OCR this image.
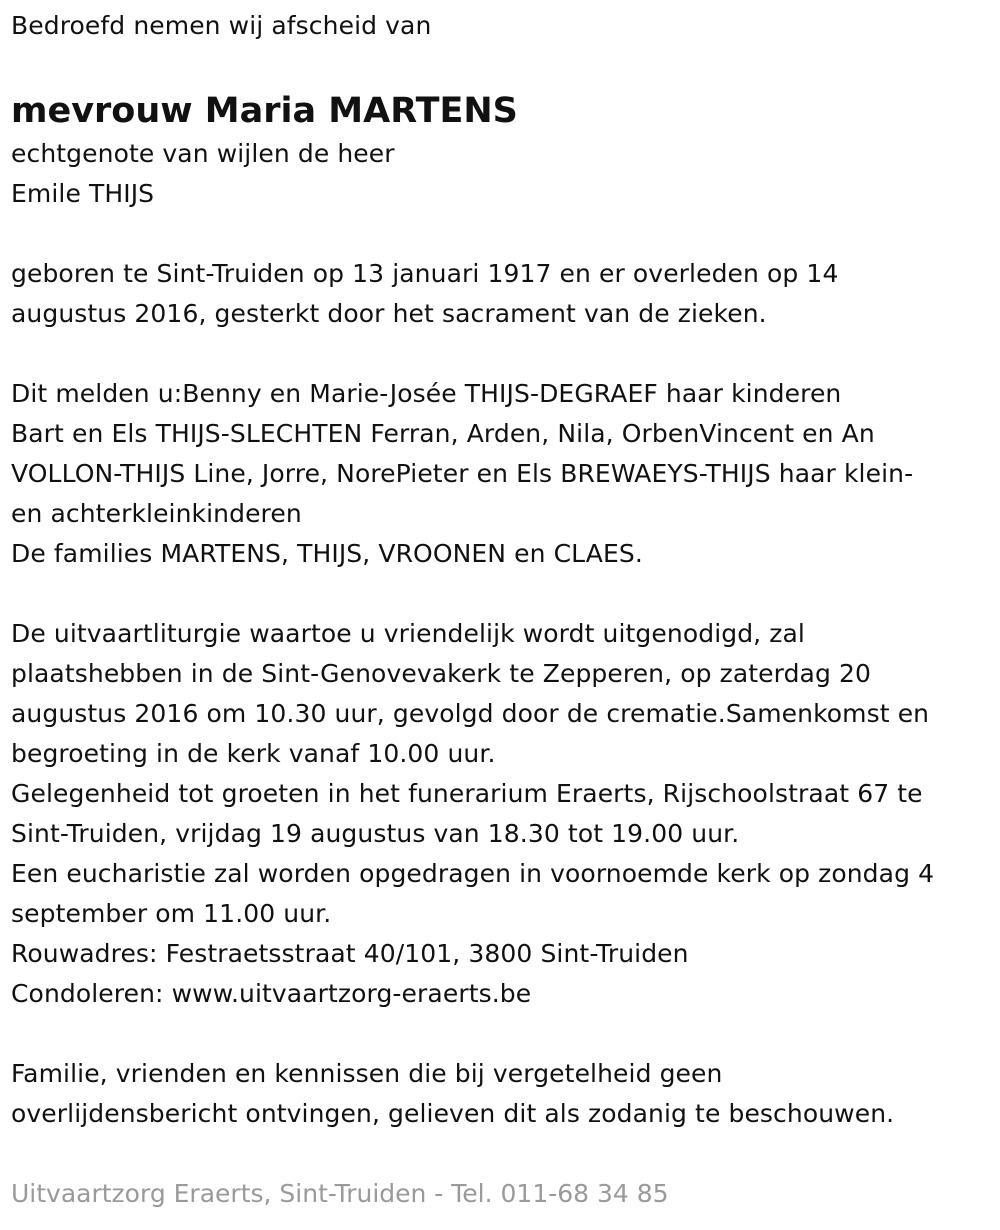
Bedroefd nemen wij afscheid van
mevrouw Maria MARTENS
echtgenote van wijlen de heer
Emile THIJS
geboren te Sint-Truiden op 13 januari 1917 en er overleden op 14
augustus 2016, gesterkt door het sacrament van de zieken.
Dit melden u:Benny en Marie-Josée THIJS-DEGRAEF haar kinderen
Bart en Els THIJS-SLECHTEN Ferran, Arden, Nila, OrbenVincent en An
VOLLON-THIJS Line, Jorre, NorePieter en Els BREWAEYS-THIJS haar klein-
en achterkleinkinderen
De families MARTENS, THIJS, VROONEN en CLAES.
De uitvaartliturgie waartoe u vriendelijk wordt uitgenodigd, zal
plaatshebben in de Sint-Genovevakerk te Zepperen, op zaterdag 20
augustus 2016 om 10.30 uur, gevolgd door de crematie.Samenkomst en
begroeting in de kerk vanaf 10.00 uur.
Gelegenheid tot groeten in het funerarium Eraerts, Rijschoolstraat 67 te
Sint-Truiden, vrijdag 19 augustus van 18.30 tot 19.00 uur.
Een eucharistie zal worden opgedragen in voornoemde kerk op zondag 4
september om 11.00 uur.
Rouwadres: Festraetsstraat 40/101, 3800 Sint-Truiden
Condoleren: www.uitvaartzorg-eraerts.be
Familie, vrienden en kennissen die bij vergetelheid geen
overlijdensbericht ontvingen, gelieven dit als zodanig te beschouwen.
Uitvaartzorg Eraerts, Sint-Truiden - Tel. 011-68 34 85
